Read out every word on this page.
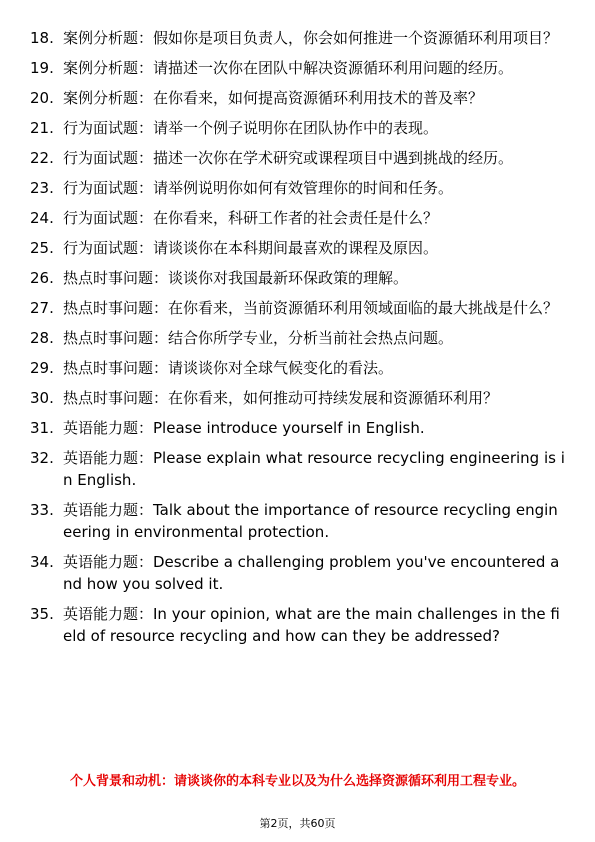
18. 案例分析题：假如你是项目负责人，你会如何推进一个资源循环利用项目？
19. 案例分析题：请描述一次你在团队中解决资源循环利用问题的经历。
20. 案例分析题：在你看来，如何提高资源循环利用技术的普及率？
21. 行为面试题：请举一个例子说明你在团队协作中的表现。
22. 行为面试题：描述一次你在学术研究或课程项目中遇到挑战的经历。
23. 行为面试题：请举例说明你如何有效管理你的时间和任务。
24. 行为面试题：在你看来，科研工作者的社会责任是什么？
25. 行为面试题：请谈谈你在本科期间最喜欢的课程及原因。
26. 热点时事问题：谈谈你对我国最新环保政策的理解。
27. 热点时事问题：在你看来，当前资源循环利用领域面临的最大挑战是什么？
28. 热点时事问题：结合你所学专业，分析当前社会热点问题。
29. 热点时事问题：请谈谈你对全球气候变化的看法。
30. 热点时事问题：在你看来，如何推动可持续发展和资源循环利用？
31. 英语能力题：Please introduce yourself in English.
32. 英语能力题：Please explain what resource recycling engineering is in English.
33. 英语能力题：Talk about the importance of resource recycling engineering in environmental protection.
34. 英语能力题：Describe a challenging problem you've encountered and how you solved it.
35. 英语能力题：In your opinion, what are the main challenges in the field of resource recycling and how can they be addressed?
个人背景和动机：请谈谈你的本科专业以及为什么选择资源循环利用工程专业。
第2页，共60页
